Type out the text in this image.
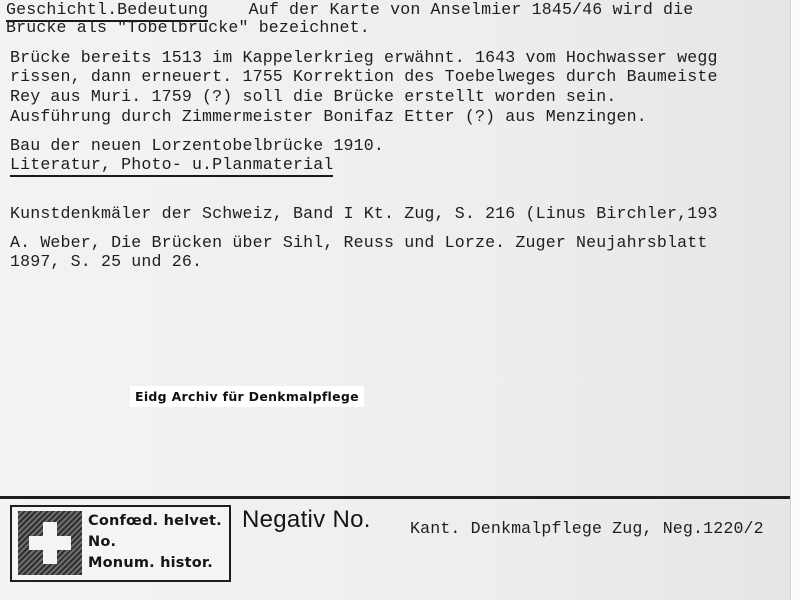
Geschichtl.Bedeutung Auf der Karte von Anselmier 1845/46 wird die
Brücke als "Tobelbrücke" bezeichnet.
Brücke bereits 1513 im Kappelerkrieg erwähnt. 1643 vom Hochwasser wegg
rissen, dann erneuert. 1755 Korrektion des Toebelweges durch Baumeiste
Rey aus Muri. 1759 (?) soll die Brücke erstellt worden sein.
Ausführung durch Zimmermeister Bonifaz Etter (?) aus Menzingen.
Bau der neuen Lorzentobelbrücke 1910.
Literatur, Photo- u.Planmaterial
Kunstdenkmäler der Schweiz, Band I Kt. Zug, S. 216 (Linus Birchler,193
A. Weber, Die Brücken über Sihl, Reuss und Lorze. Zuger Neujahrsblatt
1897, S. 25 und 26.
Eidg Archiv für Denkmalpflege
Confœd. helvet.
No.
Monum. histor.
Negativ No. Kant. Denkmalpflege Zug, Neg.1220/2
